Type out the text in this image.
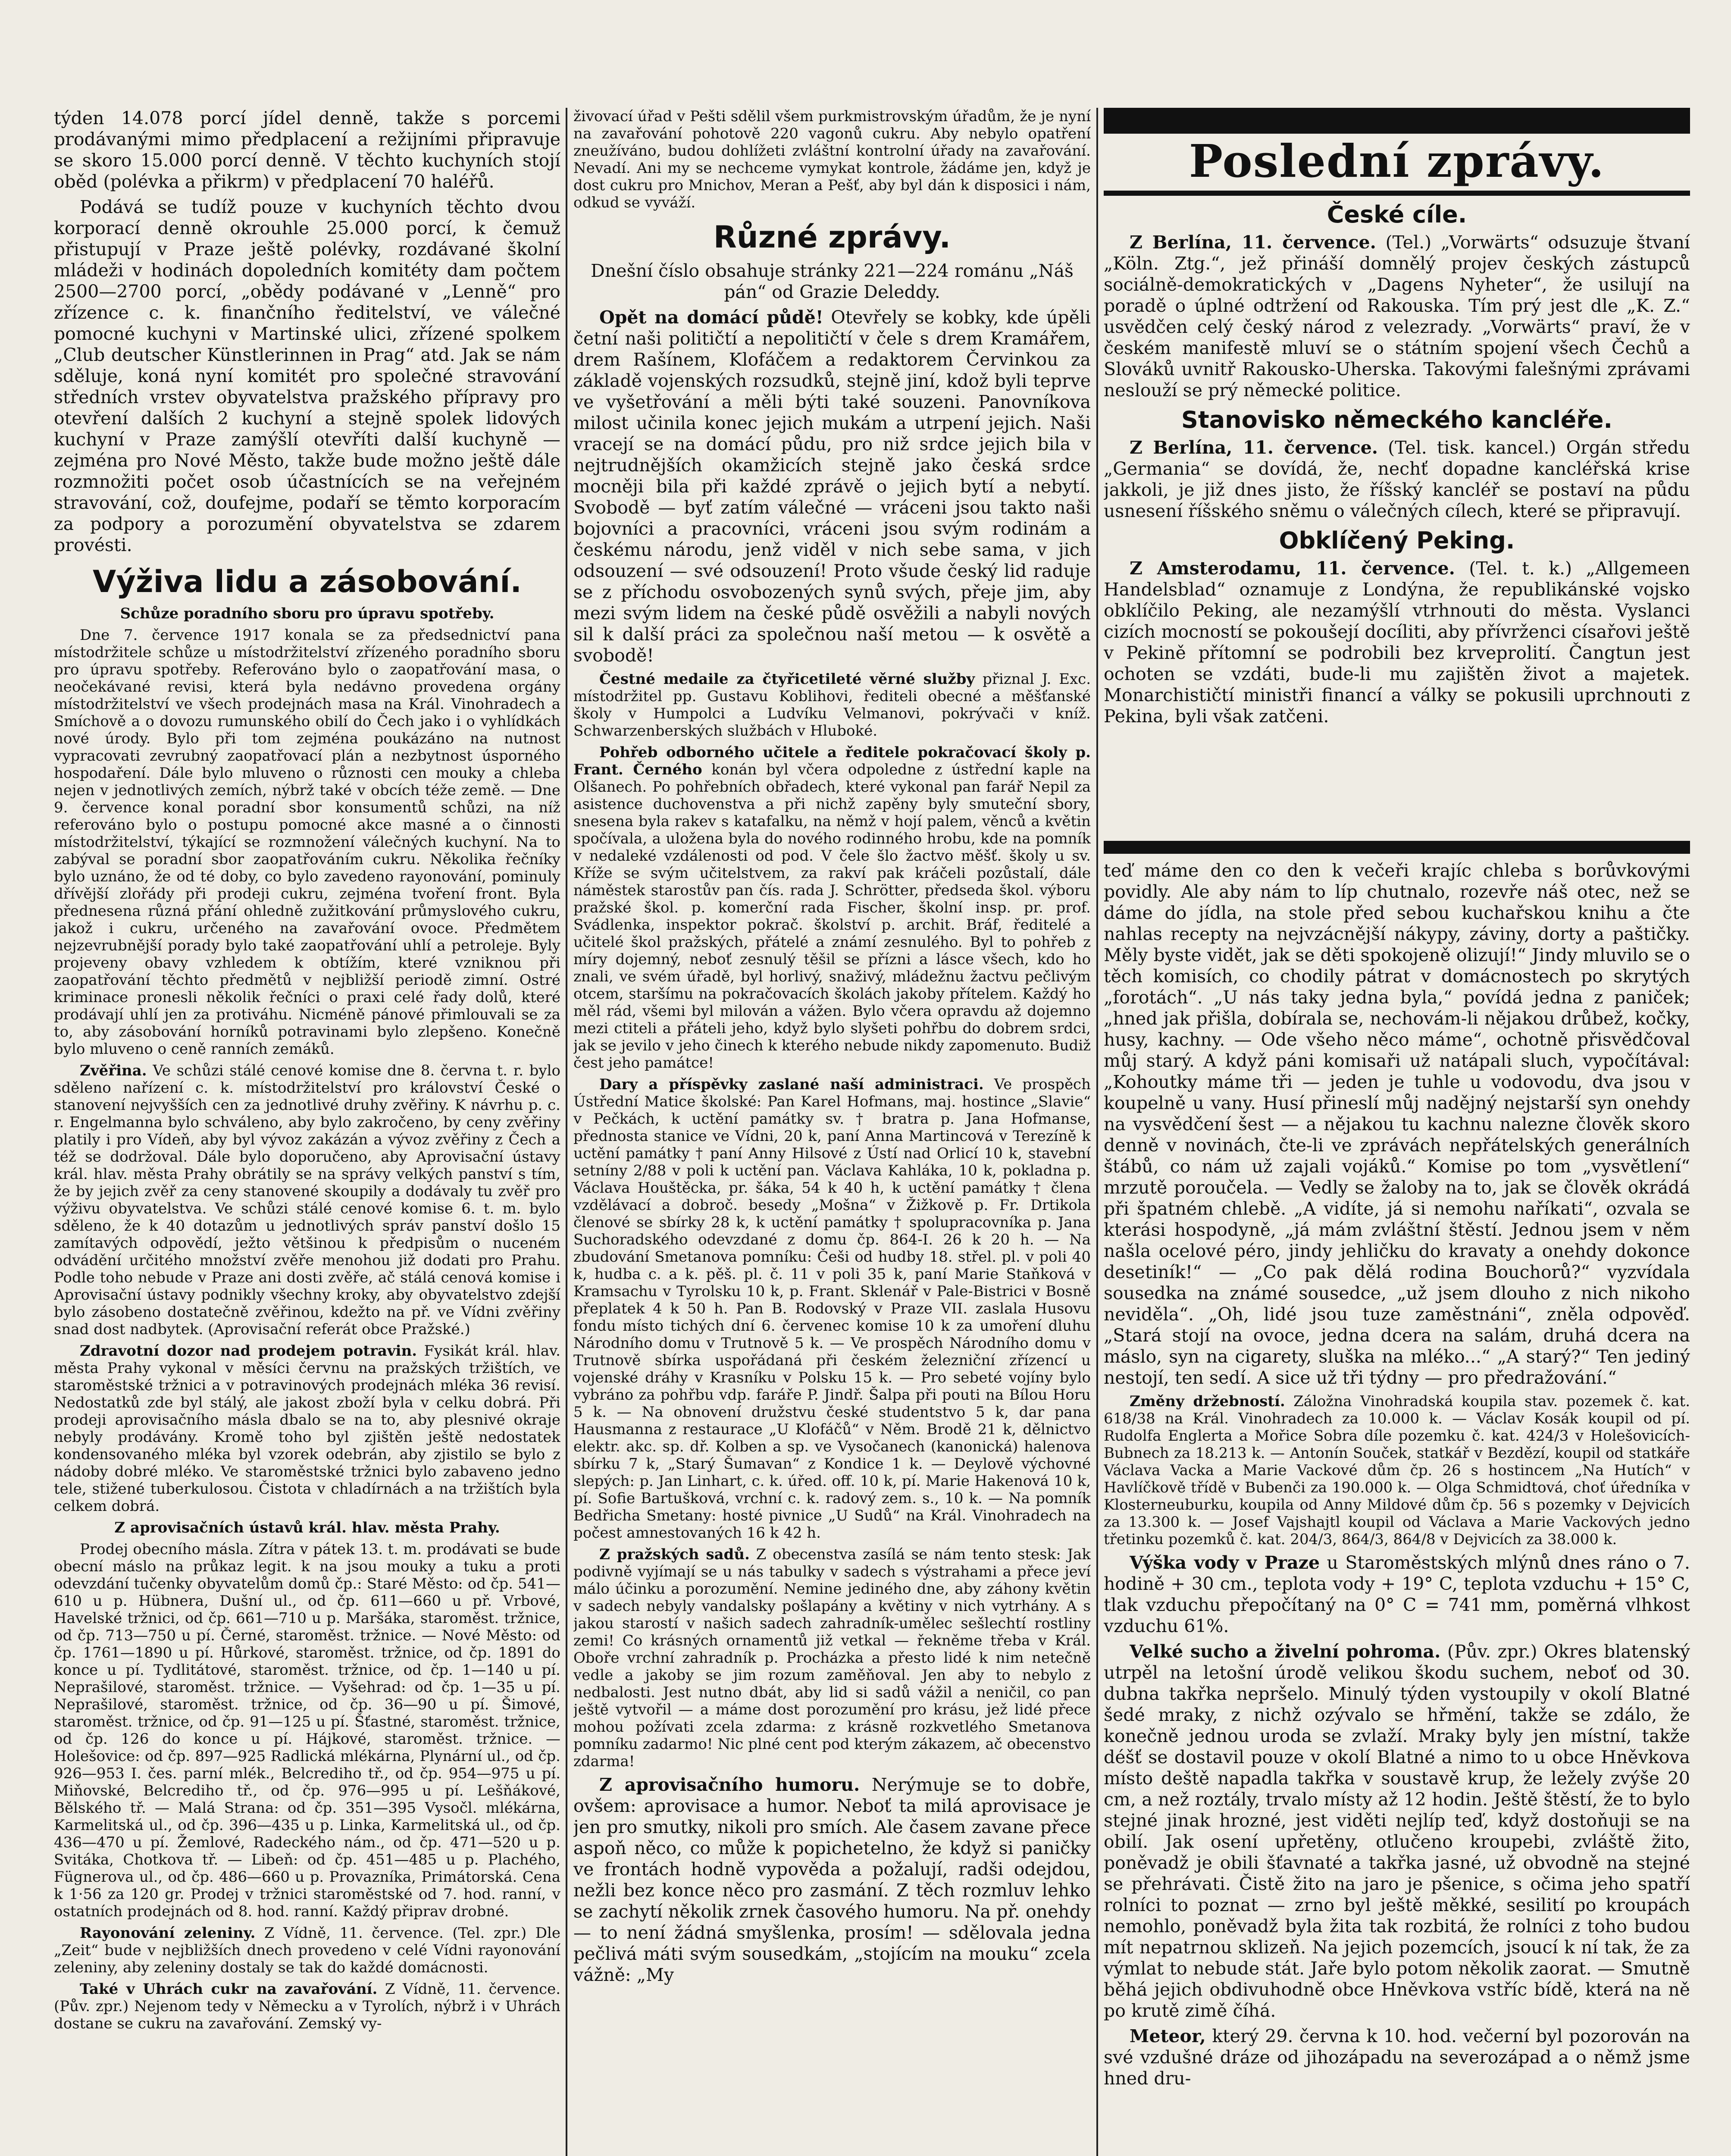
týden 14.078 porcí jídel denně, takže s porcemi prodávanými mimo předplacení a režijními připravuje se skoro 15.000 porcí denně. V těchto kuchyních stojí oběd (polévka a přikrm) v předplacení 70 haléřů.

Podává se tudíž pouze v kuchyních těchto dvou korporací denně okrouhle 25.000 porcí, k čemuž přistupují v Praze ještě polévky, rozdávané školní mládeži v hodinách dopoledních komitéty dam počtem 2500—2700 porcí, „obědy podávané v „Lenně“ pro zřízence c. k. finančního ředitelství, ve válečné pomocné kuchyni v Martinské ulici, zřízené spolkem „Club deutscher Künstlerinnen in Prag“ atd. Jak se nám sděluje, koná nyní komitét pro společné stravování středních vrstev obyvatelstva pražského přípravy pro otevření dalších 2 kuchyní a stejně spolek lidových kuchyní v Praze zamýšlí otevříti další kuchyně — zejména pro Nové Město, takže bude možno ještě dále rozmnožiti počet osob účastnících se na veřejném stravování, což, doufejme, podaří se těmto korporacím za podpory a porozumění obyvatelstva se zdarem provésti.

Výživa lidu a zásobování.

Schůze poradního sboru pro úpravu spotřeby.

Dne 7. července 1917 konala se za předsednictví pana místodržitele schůze u místodržitelství zřízeného poradního sboru pro úpravu spotřeby. Referováno bylo o zaopatřování masa, o neočekávané revisi, která byla nedávno provedena orgány místodržitelství ve všech prodejnách masa na Král. Vinohradech a Smíchově a o dovozu rumunského obilí do Čech jako i o vyhlídkách nové úrody. Bylo při tom zejména poukázáno na nutnost vypracovati zevrubný zaopatřovací plán a nezbytnost úsporného hospodaření. Dále bylo mluveno o různosti cen mouky a chleba nejen v jednotlivých zemích, nýbrž také v obcích téže země. — Dne 9. července konal poradní sbor konsumentů schůzi, na níž referováno bylo o postupu pomocné akce masné a o činnosti místodržitelství, týkající se rozmnožení válečných kuchyní. Na to zabýval se poradní sbor zaopatřováním cukru. Několika řečníky bylo uznáno, že od té doby, co bylo zavedeno rayonování, pominuly dřívější zlořády při prodeji cukru, zejména tvoření front. Byla přednesena různá přání ohledně zužitkování průmyslového cukru, jakož i cukru, určeného na zavařování ovoce. Předmětem nejzevrubnější porady bylo také zaopatřování uhlí a petroleje. Byly projeveny obavy vzhledem k obtížím, které vzniknou při zaopatřování těchto předmětů v nejbližší periodě zimní. Ostré kriminace pronesli několik řečníci o praxi celé řady dolů, které prodávají uhlí jen za protiváhu. Nicméně pánové přimlouvali se za to, aby zásobování horníků potravinami bylo zlepšeno. Konečně bylo mluveno o ceně ranních zemáků.

Zvěřina. Ve schůzi stálé cenové komise dne 8. června t. r. bylo sděleno nařízení c. k. místodržitelství pro království České o stanovení nejvyšších cen za jednotlivé druhy zvěřiny. K návrhu p. c. r. Engelmanna bylo schváleno, aby bylo zakročeno, by ceny zvěřiny platily i pro Vídeň, aby byl vývoz zakázán a vývoz zvěřiny z Čech a též se dodržoval. Dále bylo doporučeno, aby Aprovisační ústavy král. hlav. města Prahy obrátily se na správy velkých panství s tím, že by jejich zvěř za ceny stanovené skoupily a dodávaly tu zvěř pro výživu obyvatelstva. Ve schůzi stálé cenové komise 6. t. m. bylo sděleno, že k 40 dotazům u jednotlivých správ panství došlo 15 zamítavých odpovědí, ježto většinou k předpisům o nuceném odvádění určitého množství zvěře menohou již dodati pro Prahu. Podle toho nebude v Praze ani dosti zvěře, ač stálá cenová komise i Aprovisační ústavy podnikly všechny kroky, aby obyvatelstvo zdejší bylo zásobeno dostatečně zvěřinou, kdežto na př. ve Vídni zvěřiny snad dost nadbytek. (Aprovisační referát obce Pražské.)

Zdravotní dozor nad prodejem potravin. Fysikát král. hlav. města Prahy vykonal v měsíci červnu na pražských tržištích, ve staroměstské tržnici a v potravinových prodejnách mléka 36 revisí. Nedostatků zde byl stálý, ale jakost zboží byla v celku dobrá. Při prodeji aprovisačního másla dbalo se na to, aby plesnivé okraje nebyly prodávány. Kromě toho byl zjištěn ještě nedostatek kondensovaného mléka byl vzorek odebrán, aby zjistilo se bylo z nádoby dobré mléko. Ve staroměstské tržnici bylo zabaveno jedno tele, stižené tuberkulosou. Čistota v chladírnách a na tržištích byla celkem dobrá.

Z aprovisačních ústavů král. hlav. města Prahy.

Prodej obecního másla. Zítra v pátek 13. t. m. prodávati se bude obecní máslo na průkaz legit. k na jsou mouky a tuku a proti odevzdání tučenky obyvatelům domů čp.: Staré Město: od čp. 541—610 u p. Hübnera, Dušní ul., od čp. 611—660 u př. Vrbové, Havelské tržnici, od čp. 661—710 u p. Maršáka, staroměst. tržnice, od čp. 713—750 u pí. Černé, staroměst. tržnice. — Nové Město: od čp. 1761—1890 u pí. Hůrkové, staroměst. tržnice, od čp. 1891 do konce u pí. Tydlitátové, staroměst. tržnice, od čp. 1—140 u pí. Neprašilové, staroměst. tržnice. — Vyšehrad: od čp. 1—35 u pí. Neprašilové, staroměst. tržnice, od čp. 36—90 u pí. Šimové, staroměst. tržnice, od čp. 91—125 u pí. Šťastné, staroměst. tržnice, od čp. 126 do konce u pí. Hájkové, staroměst. tržnice. — Holešovice: od čp. 897—925 Radlická mlékárna, Plynární ul., od čp. 926—953 I. čes. parní mlék., Belcrediho tř., od čp. 954—975 u pí. Miňovské, Belcrediho tř., od čp. 976—995 u pí. Lešňákové, Bělského tř. — Malá Strana: od čp. 351—395 Vysočl. mlékárna, Karmelitská ul., od čp. 396—435 u p. Linka, Karmelitská ul., od čp. 436—470 u pí. Žemlové, Radeckého nám., od čp. 471—520 u p. Svitáka, Chotkova tř. — Libeň: od čp. 451—485 u p. Plachého, Fügnerova ul., od čp. 486—660 u p. Provazníka, Primátorská. Cena k 1·56 za 120 gr. Prodej v tržnici staroměstské od 7. hod. ranní, v ostatních prodejnách od 8. hod. ranní. Každý připrav drobné.

Rayonování zeleniny. Z Vídně, 11. července. (Tel. zpr.) Dle „Zeit“ bude v nejbližších dnech provedeno v celé Vídni rayonování zeleniny, aby zeleniny dostaly se tak do každé domácnosti.

Také v Uhrách cukr na zavařování. Z Vídně, 11. července. (Pův. zpr.) Nejenom tedy v Německu a v Tyrolích, nýbrž i v Uhrách dostane se cukru na zavařování. Zemský vy-

živovací úřad v Pešti sdělil všem purkmistrovským úřadům, že je nyní na zavařování pohotově 220 vagonů cukru. Aby nebylo opatření zneužíváno, budou dohlížeti zvláštní kontrolní úřady na zavařování. Nevadí. Ani my se nechceme vymykat kontrole, žádáme jen, když je dost cukru pro Mnichov, Meran a Pešť, aby byl dán k disposici i nám, odkud se vyváží.

Různé zprávy.

Dnešní číslo obsahuje stránky 221—224 románu „Náš pán“ od Grazie Deleddy.

Opět na domácí půdě! Otevřely se kobky, kde úpěli četní naši političtí a nepolitičtí v čele s drem Kramářem, drem Rašínem, Klofáčem a redaktorem Červinkou za základě vojenských rozsudků, stejně jiní, kdož byli teprve ve vyšetřování a měli býti také souzeni. Panovníkova milost učinila konec jejich mukám a utrpení jejich. Naši vracejí se na domácí půdu, pro niž srdce jejich bila v nejtrudnějších okamžicích stejně jako česká srdce mocněji bila při každé zprávě o jejich bytí a nebytí. Svobodě — byť zatím válečné — vráceni jsou takto naši bojovníci a pracovníci, vráceni jsou svým rodinám a českému národu, jenž viděl v nich sebe sama, v jich odsouzení — své odsouzení! Proto všude český lid raduje se z příchodu osvobozených synů svých, přeje jim, aby mezi svým lidem na české půdě osvěžili a nabyli nových sil k další práci za společnou naší metou — k osvětě a svobodě!

Čestné medaile za čtyřicetileté věrné služby přiznal J. Exc. místodržitel pp. Gustavu Koblihovi, řediteli obecné a měšťanské školy v Humpolci a Ludvíku Velmanovi, pokrývači v kníž. Schwarzenberských službách v Hluboké.

Pohřeb odborného učitele a ředitele pokračovací školy p. Frant. Černého konán byl včera odpoledne z ústřední kaple na Olšanech. Po pohřebních obřadech, které vykonal pan farář Nepil za asistence duchovenstva a při nichž zapěny byly smuteční sbory, snesena byla rakev s katafalku, na němž v hojí palem, věnců a květin spočívala, a uložena byla do nového rodinného hrobu, kde na pomník v nedaleké vzdálenosti od pod. V čele šlo žactvo měšť. školy u sv. Kříže se svým učitelstvem, za rakví pak kráčeli pozůstalí, dále náměstek starostův pan čís. rada J. Schrötter, předseda škol. výboru pražské škol. p. komerční rada Fischer, školní insp. pr. prof. Svádlenka, inspektor pokrač. školství p. archit. Bráf, ředitelé a učitelé škol pražských, přátelé a známí zesnulého. Byl to pohřeb z míry dojemný, neboť zesnulý těšil se přízni a lásce všech, kdo ho znali, ve svém úřadě, byl horlivý, snaživý, mládežnu žactvu pečlivým otcem, staršímu na pokračovacích školách jakoby přítelem. Každý ho měl rád, všemi byl milován a vážen. Bylo včera opravdu až dojemno mezi ctiteli a přáteli jeho, když bylo slyšeti pohřbu do dobrem srdci, jak se jevilo v jeho činech k kterého nebude nikdy zapomenuto. Budiž čest jeho památce!

Dary a příspěvky zaslané naší administraci. Ve prospěch Ústřední Matice školské: Pan Karel Hofmans, maj. hostince „Slavie“ v Pečkách, k uctění památky sv. † bratra p. Jana Hofmanse, přednosta stanice ve Vídni, 20 k, paní Anna Martincová v Terezíně k uctění památky † paní Anny Hilsové z Ústí nad Orlicí 10 k, stavební setníny 2/88 v poli k uctění pan. Václava Kahláka, 10 k, pokladna p. Václava Houštěcka, pr. šáka, 54 k 40 h, k uctění památky † člena vzdělávací a dobroč. besedy „Mošna“ v Žižkově p. Fr. Drtikola členové se sbírky 28 k, k uctění památky † spolupracovníka p. Jana Suchoradského odevzdané z domu čp. 864-I. 26 k 20 h. — Na zbudování Smetanova pomníku: Češi od hudby 18. střel. pl. v poli 40 k, hudba c. a k. pěš. pl. č. 11 v poli 35 k, paní Marie Staňková v Kramsachu v Tyrolsku 10 k, p. Frant. Sklenář v Pale-Bistrici v Bosně přeplatek 4 k 50 h. Pan B. Rodovský v Praze VII. zaslala Husovu fondu místo tichých dní 6. červenec komise 10 k za umoření dluhu Národního domu v Trutnově 5 k. — Ve prospěch Národního domu v Trutnově sbírka uspořádaná při českém železniční zřízencí u vojenské dráhy v Krasníku v Polsku 15 k. — Pro sebeté vojíny bylo vybráno za pohřbu vdp. faráře P. Jindř. Šalpa při pouti na Bílou Horu 5 k. — Na obnovení družstvu české studentstvo 5 k, dar pana Hausmanna z restaurace „U Klofáčů“ v Něm. Brodě 21 k, dělnictvo elektr. akc. sp. dř. Kolben a sp. ve Vysočanech (kanonická) halenova sbírku 7 k, „Starý Šumavan“ z Kondice 1 k. — Deylově výchovné slepých: p. Jan Linhart, c. k. úřed. off. 10 k, pí. Marie Hakenová 10 k, pí. Sofie Bartušková, vrchní c. k. radový zem. s., 10 k. — Na pomník Bedřicha Smetany: hosté pivnice „U Sudů“ na Král. Vinohradech na počest amnestovaných 16 k 42 h.

Z pražských sadů. Z obecenstva zasílá se nám tento stesk: Jak podivně vyjímají se u nás tabulky v sadech s výstrahami a přece jeví málo účinku a porozumění. Nemine jediného dne, aby záhony květin v sadech nebyly vandalsky pošlapány a květiny v nich vytrhány. A s jakou starostí v našich sadech zahradník-umělec sešlechtí rostliny zemi! Co krásných ornamentů již vetkal — řekněme třeba v Král. Oboře vrchní zahradník p. Procházka a přesto lidé k nim netečně vedle a jakoby se jim rozum zaměňoval. Jen aby to nebylo z nedbalosti. Jest nutno dbát, aby lid si sadů vážil a neničil, co pan ještě vytvořil — a máme dost porozumění pro krásu, jež lidé přece mohou požívati zcela zdarma: z krásně rozkvetlého Smetanova pomníku zadarmo! Nic plné cent pod kterým zákazem, ač obecenstvo zdarma!

Z aprovisačního humoru. Nerýmuje se to dobře, ovšem: aprovisace a humor. Neboť ta milá aprovisace je jen pro smutky, nikoli pro smích. Ale časem zavane přece aspoň něco, co může k popichetelno, že když si paničky ve frontách hodně vypověda a požalují, radši odejdou, nežli bez konce něco pro zasmání. Z těch rozmluv lehko se zachytí několik zrnek časového humoru. Na př. onehdy — to není žádná smyšlenka, prosím! — sdělovala jedna pečlivá máti svým sousedkám, „stojícím na mouku“ zcela vážně: „My

Poslední zprávy.
České cíle.

Z Berlína, 11. července. (Tel.) „Vorwärts“ odsuzuje štvaní „Köln. Ztg.“, jež přináší domnělý projev českých zástupců sociálně-demokratických v „Dagens Nyheter“, že usilují na poradě o úplné odtržení od Rakouska. Tím prý jest dle „K. Z.“ usvědčen celý český národ z velezrady. „Vorwärts“ praví, že v českém manifestě mluví se o státním spojení všech Čechů a Slováků uvnitř Rakousko-Uherska. Takovými falešnými zprávami neslouží se prý německé politice.

Stanovisko německého kancléře.

Z Berlína, 11. července. (Tel. tisk. kancel.) Orgán středu „Germania“ se dovídá, že, nechť dopadne kancléřská krise jakkoli, je již dnes jisto, že říšský kancléř se postaví na půdu usnesení říšského sněmu o válečných cílech, které se připravují.

Obklíčený Peking.

Z Amsterodamu, 11. července. (Tel. t. k.) „Allgemeen Handelsblad“ oznamuje z Londýna, že republikánské vojsko obklíčilo Peking, ale nezamýšlí vtrhnouti do města. Vyslanci cizích mocností se pokoušejí docíliti, aby přívrženci císařovi ještě v Pekině přítomní se podrobili bez krveprolití. Čangtun jest ochoten se vzdáti, bude-li mu zajištěn život a majetek. Monarchističtí ministři financí a války se pokusili uprchnouti z Pekina, byli však zatčeni.

teď máme den co den k večeři krajíc chleba s borůvkovými povidly. Ale aby nám to líp chutnalo, rozevře náš otec, než se dáme do jídla, na stole před sebou kuchařskou knihu a čte nahlas recepty na nejvzácnější nákypy, záviny, dorty a paštičky. Měly byste vidět, jak se děti spokojeně olizují!“ Jindy mluvilo se o těch komisích, co chodily pátrat v domácnostech po skrytých „forotách“. „U nás taky jedna byla,“ povídá jedna z paniček; „hned jak přišla, dobírala se, nechovám-li nějakou drůbež, kočky, husy, kachny. — Ode všeho něco máme“, ochotně přisvědčoval můj starý. A když páni komisaři už natápali sluch, vypočítával: „Kohoutky máme tři — jeden je tuhle u vodovodu, dva jsou v koupelně u vany. Husí přineslí můj nadějný nejstarší syn onehdy na vysvědčení šest — a nějakou tu kachnu nalezne člověk skoro denně v novinách, čte-li ve zprávách nepřátelských generálních štábů, co nám už zajali vojáků.“ Komise po tom „vysvětlení“ mrzutě poroučela. — Vedly se žaloby na to, jak se člověk okrádá při špatném chlebě. „A vidíte, já si nemohu naříkati“, ozvala se kterási hospodyně, „já mám zvláštní štěstí. Jednou jsem v něm našla ocelové péro, jindy jehličku do kravaty a onehdy dokonce desetiník!“ — „Co pak dělá rodina Bouchorů?“ vyzvídala sousedka na známé sousedce, „už jsem dlouho z nich nikoho neviděla“. „Oh, lidé jsou tuze zaměstnáni“, zněla odpověď. „Stará stojí na ovoce, jedna dcera na salám, druhá dcera na máslo, syn na cigarety, sluška na mléko...“ „A starý?“ Ten jediný nestojí, ten sedí. A sice už tři týdny — pro předražování.“

Změny držebností. Záložna Vinohradská koupila stav. pozemek č. kat. 618/38 na Král. Vinohradech za 10.000 k. — Václav Kosák koupil od pí. Rudolfa Englerta a Mořice Sobra díle pozemku č. kat. 424/3 v Holešovicích-Bubnech za 18.213 k. — Antonín Souček, statkář v Bezdězí, koupil od statkáře Václava Vacka a Marie Vackové dům čp. 26 s hostincem „Na Hutích“ v Havlíčkově třídě v Bubenči za 190.000 k. — Olga Schmidtová, choť úředníka v Klosterneuburku, koupila od Anny Mildové dům čp. 56 s pozemky v Dejvicích za 13.300 k. — Josef Vajshajtl koupil od Václava a Marie Vackových jedno třetinku pozemků č. kat. 204/3, 864/3, 864/8 v Dejvicích za 38.000 k.

Výška vody v Praze u Staroměstských mlýnů dnes ráno o 7. hodině + 30 cm., teplota vody + 19° C, teplota vzduchu + 15° C, tlak vzduchu přepočítaný na 0° C = 741 mm, poměrná vlhkost vzduchu 61%.

Velké sucho a živelní pohroma. (Pův. zpr.) Okres blatenský utrpěl na letošní úrodě velikou škodu suchem, neboť od 30. dubna takřka nepršelo. Minulý týden vystoupily v okolí Blatné šedé mraky, z nichž ozývalo se hřmění, takže se zdálo, že konečně jednou uroda se zvlaží. Mraky byly jen místní, takže déšť se dostavil pouze v okolí Blatné a nimo to u obce Hněvkova místo deště napadla takřka v soustavě krup, že ležely zvýše 20 cm, a než roztály, trvalo místy až 12 hodin. Ještě štěstí, že to bylo stejné jinak hrozné, jest viděti nejlíp teď, když dostoňuji se na obilí. Jak osení upřetěny, otlučeno kroupebi, zvláště žito, poněvadž je obili šťavnaté a takřka jasné, už obvodně na stejné se přehrávati. Čistě žito na jaro je pšenice, s očima jeho spatří rolníci to poznat — zrno byl ještě měkké, sesilití po kroupách nemohlo, poněvadž byla žita tak rozbitá, že rolníci z toho budou mít nepatrnou sklizeň. Na jejich pozemcích, jsoucí k ní tak, že za výmlat to nebude stát. Jaře bylo potom několik zaorat. — Smutně běhá jejich obdivuhodně obce Hněvkova vstříc bídě, která na ně po krutě zimě číhá.

Meteor, který 29. června k 10. hod. večerní byl pozorován na své vzdušné dráze od jihozápadu na severozápad a o němž jsme hned dru-
